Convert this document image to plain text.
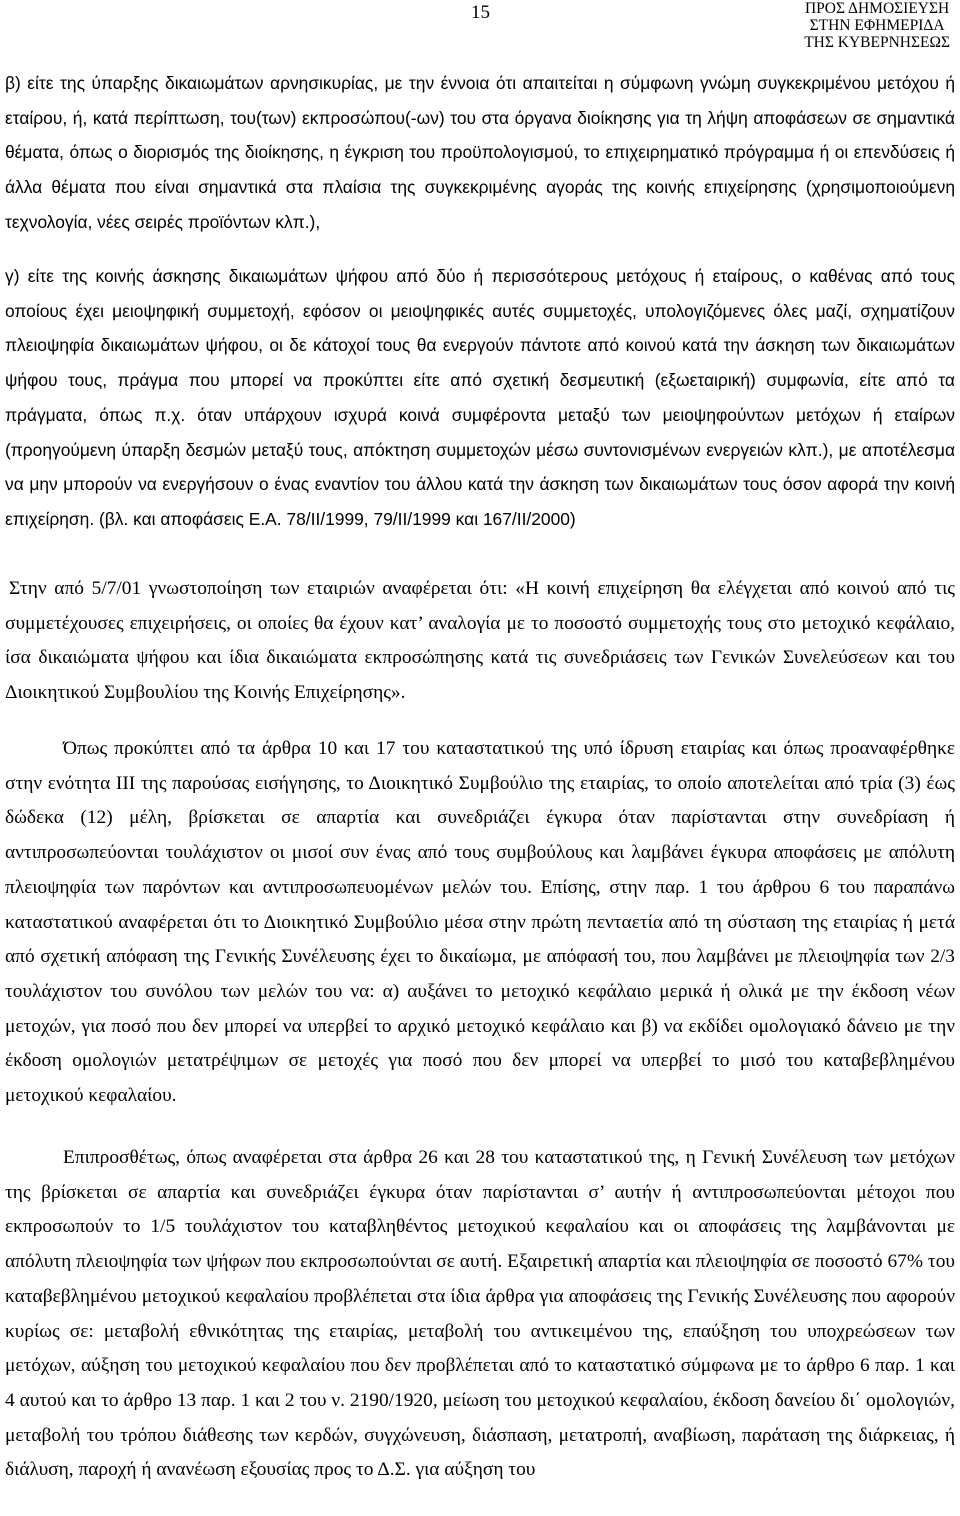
15	ΠΡΟΣ ΔΗΜΟΣΙΕΥΣΗ
ΣΤΗΝ ΕΦΗΜΕΡΙΔΑ
ΤΗΣ ΚΥΒΕΡΝΗΣΕΩΣ

β) είτε της ύπαρξης δικαιωμάτων αρνησικυρίας, με την έννοια ότι απαιτείται η σύμφωνη γνώμη συγκεκριμένου μετόχου ή εταίρου, ή, κατά περίπτωση, του(των) εκπροσώπου(-ων) του στα όργανα διοίκησης για τη λήψη αποφάσεων σε σημαντικά θέματα, όπως ο διορισμός της διοίκησης, η έγκριση του προϋπολογισμού, το επιχειρηματικό πρόγραμμα ή οι επενδύσεις ή άλλα θέματα που είναι σημαντικά στα πλαίσια της συγκεκριμένης αγοράς της κοινής επιχείρησης (χρησιμοποιούμενη τεχνολογία, νέες σειρές προϊόντων κλπ.),

γ) είτε της κοινής άσκησης δικαιωμάτων ψήφου από δύο ή περισσότερους μετόχους ή εταίρους, ο καθένας από τους οποίους έχει μειοψηφική συμμετοχή, εφόσον οι μειοψηφικές αυτές συμμετοχές, υπολογιζόμενες όλες μαζί, σχηματίζουν πλειοψηφία δικαιωμάτων ψήφου, οι δε κάτοχοί τους θα ενεργούν πάντοτε από κοινού κατά την άσκηση των δικαιωμάτων ψήφου τους, πράγμα που μπορεί να προκύπτει είτε από σχετική δεσμευτική (εξωεταιρική) συμφωνία, είτε από τα πράγματα, όπως π.χ. όταν υπάρχουν ισχυρά κοινά συμφέροντα μεταξύ των μειοψηφούντων μετόχων ή εταίρων (προηγούμενη ύπαρξη δεσμών μεταξύ τους, απόκτηση συμμετοχών μέσω συντονισμένων ενεργειών κλπ.), με αποτέλεσμα να μην μπορούν να ενεργήσουν ο ένας εναντίον του άλλου κατά την άσκηση των δικαιωμάτων τους όσον αφορά την κοινή επιχείρηση. (βλ. και αποφάσεις Ε.Α. 78/ΙΙ/1999, 79/ΙΙ/1999 και 167/ΙΙ/2000)

Στην από 5/7/01 γνωστοποίηση των εταιριών αναφέρεται ότι: «Η κοινή επιχείρηση θα ελέγχεται από κοινού από τις συμμετέχουσες επιχειρήσεις, οι οποίες θα έχουν κατ’ αναλογία με το ποσοστό συμμετοχής τους στο μετοχικό κεφάλαιο, ίσα δικαιώματα ψήφου και ίδια δικαιώματα εκπροσώπησης κατά τις συνεδριάσεις των Γενικών Συνελεύσεων και του Διοικητικού Συμβουλίου της Κοινής Επιχείρησης».

Όπως προκύπτει από τα άρθρα 10 και 17 του καταστατικού της υπό ίδρυση εταιρίας και όπως προαναφέρθηκε στην ενότητα ΙΙΙ της παρούσας εισήγησης, το Διοικητικό Συμβούλιο της εταιρίας, το οποίο αποτελείται από τρία (3) έως δώδεκα (12) μέλη, βρίσκεται σε απαρτία και συνεδριάζει έγκυρα όταν παρίστανται στην συνεδρίαση ή αντιπροσωπεύονται τουλάχιστον οι μισοί συν ένας από τους συμβούλους και λαμβάνει έγκυρα αποφάσεις με απόλυτη πλειοψηφία των παρόντων και αντιπροσωπευομένων μελών του. Επίσης, στην παρ. 1 του άρθρου 6 του παραπάνω καταστατικού αναφέρεται ότι το Διοικητικό Συμβούλιο μέσα στην πρώτη πενταετία από τη σύσταση της εταιρίας ή μετά από σχετική απόφαση της Γενικής Συνέλευσης έχει το δικαίωμα, με απόφασή του, που λαμβάνει με πλειοψηφία των 2/3 τουλάχιστον του συνόλου των μελών του να: α) αυξάνει το μετοχικό κεφάλαιο μερικά ή ολικά με την έκδοση νέων μετοχών, για ποσό που δεν μπορεί να υπερβεί το αρχικό μετοχικό κεφάλαιο και β) να εκδίδει ομολογιακό δάνειο με την έκδοση ομολογιών μετατρέψιμων σε μετοχές για ποσό που δεν μπορεί να υπερβεί το μισό του καταβεβλημένου μετοχικού κεφαλαίου.

Επιπροσθέτως, όπως αναφέρεται στα άρθρα 26 και 28 του καταστατικού της, η Γενική Συνέλευση των μετόχων της βρίσκεται σε απαρτία και συνεδριάζει έγκυρα όταν παρίστανται σ’ αυτήν ή αντιπροσωπεύονται μέτοχοι που εκπροσωπούν το 1/5 τουλάχιστον του καταβληθέντος μετοχικού κεφαλαίου και οι αποφάσεις της λαμβάνονται με απόλυτη πλειοψηφία των ψήφων που εκπροσωπούνται σε αυτή. Εξαιρετική απαρτία και πλειοψηφία σε ποσοστό 67% του καταβεβλημένου μετοχικού κεφαλαίου προβλέπεται στα ίδια άρθρα για αποφάσεις της Γενικής Συνέλευσης που αφορούν κυρίως σε: μεταβολή εθνικότητας της εταιρίας, μεταβολή του αντικειμένου της, επαύξηση του υποχρεώσεων των μετόχων, αύξηση του μετοχικού κεφαλαίου που δεν προβλέπεται από το καταστατικό σύμφωνα με το άρθρο 6 παρ. 1 και 4 αυτού και το άρθρο 13 παρ. 1 και 2 του ν. 2190/1920, μείωση του μετοχικού κεφαλαίου, έκδοση δανείου δι΄ ομολογιών, μεταβολή του τρόπου διάθεσης των κερδών, συγχώνευση, διάσπαση, μετατροπή, αναβίωση, παράταση της διάρκειας, ή διάλυση, παροχή ή ανανέωση εξουσίας προς το Δ.Σ. για αύξηση του
